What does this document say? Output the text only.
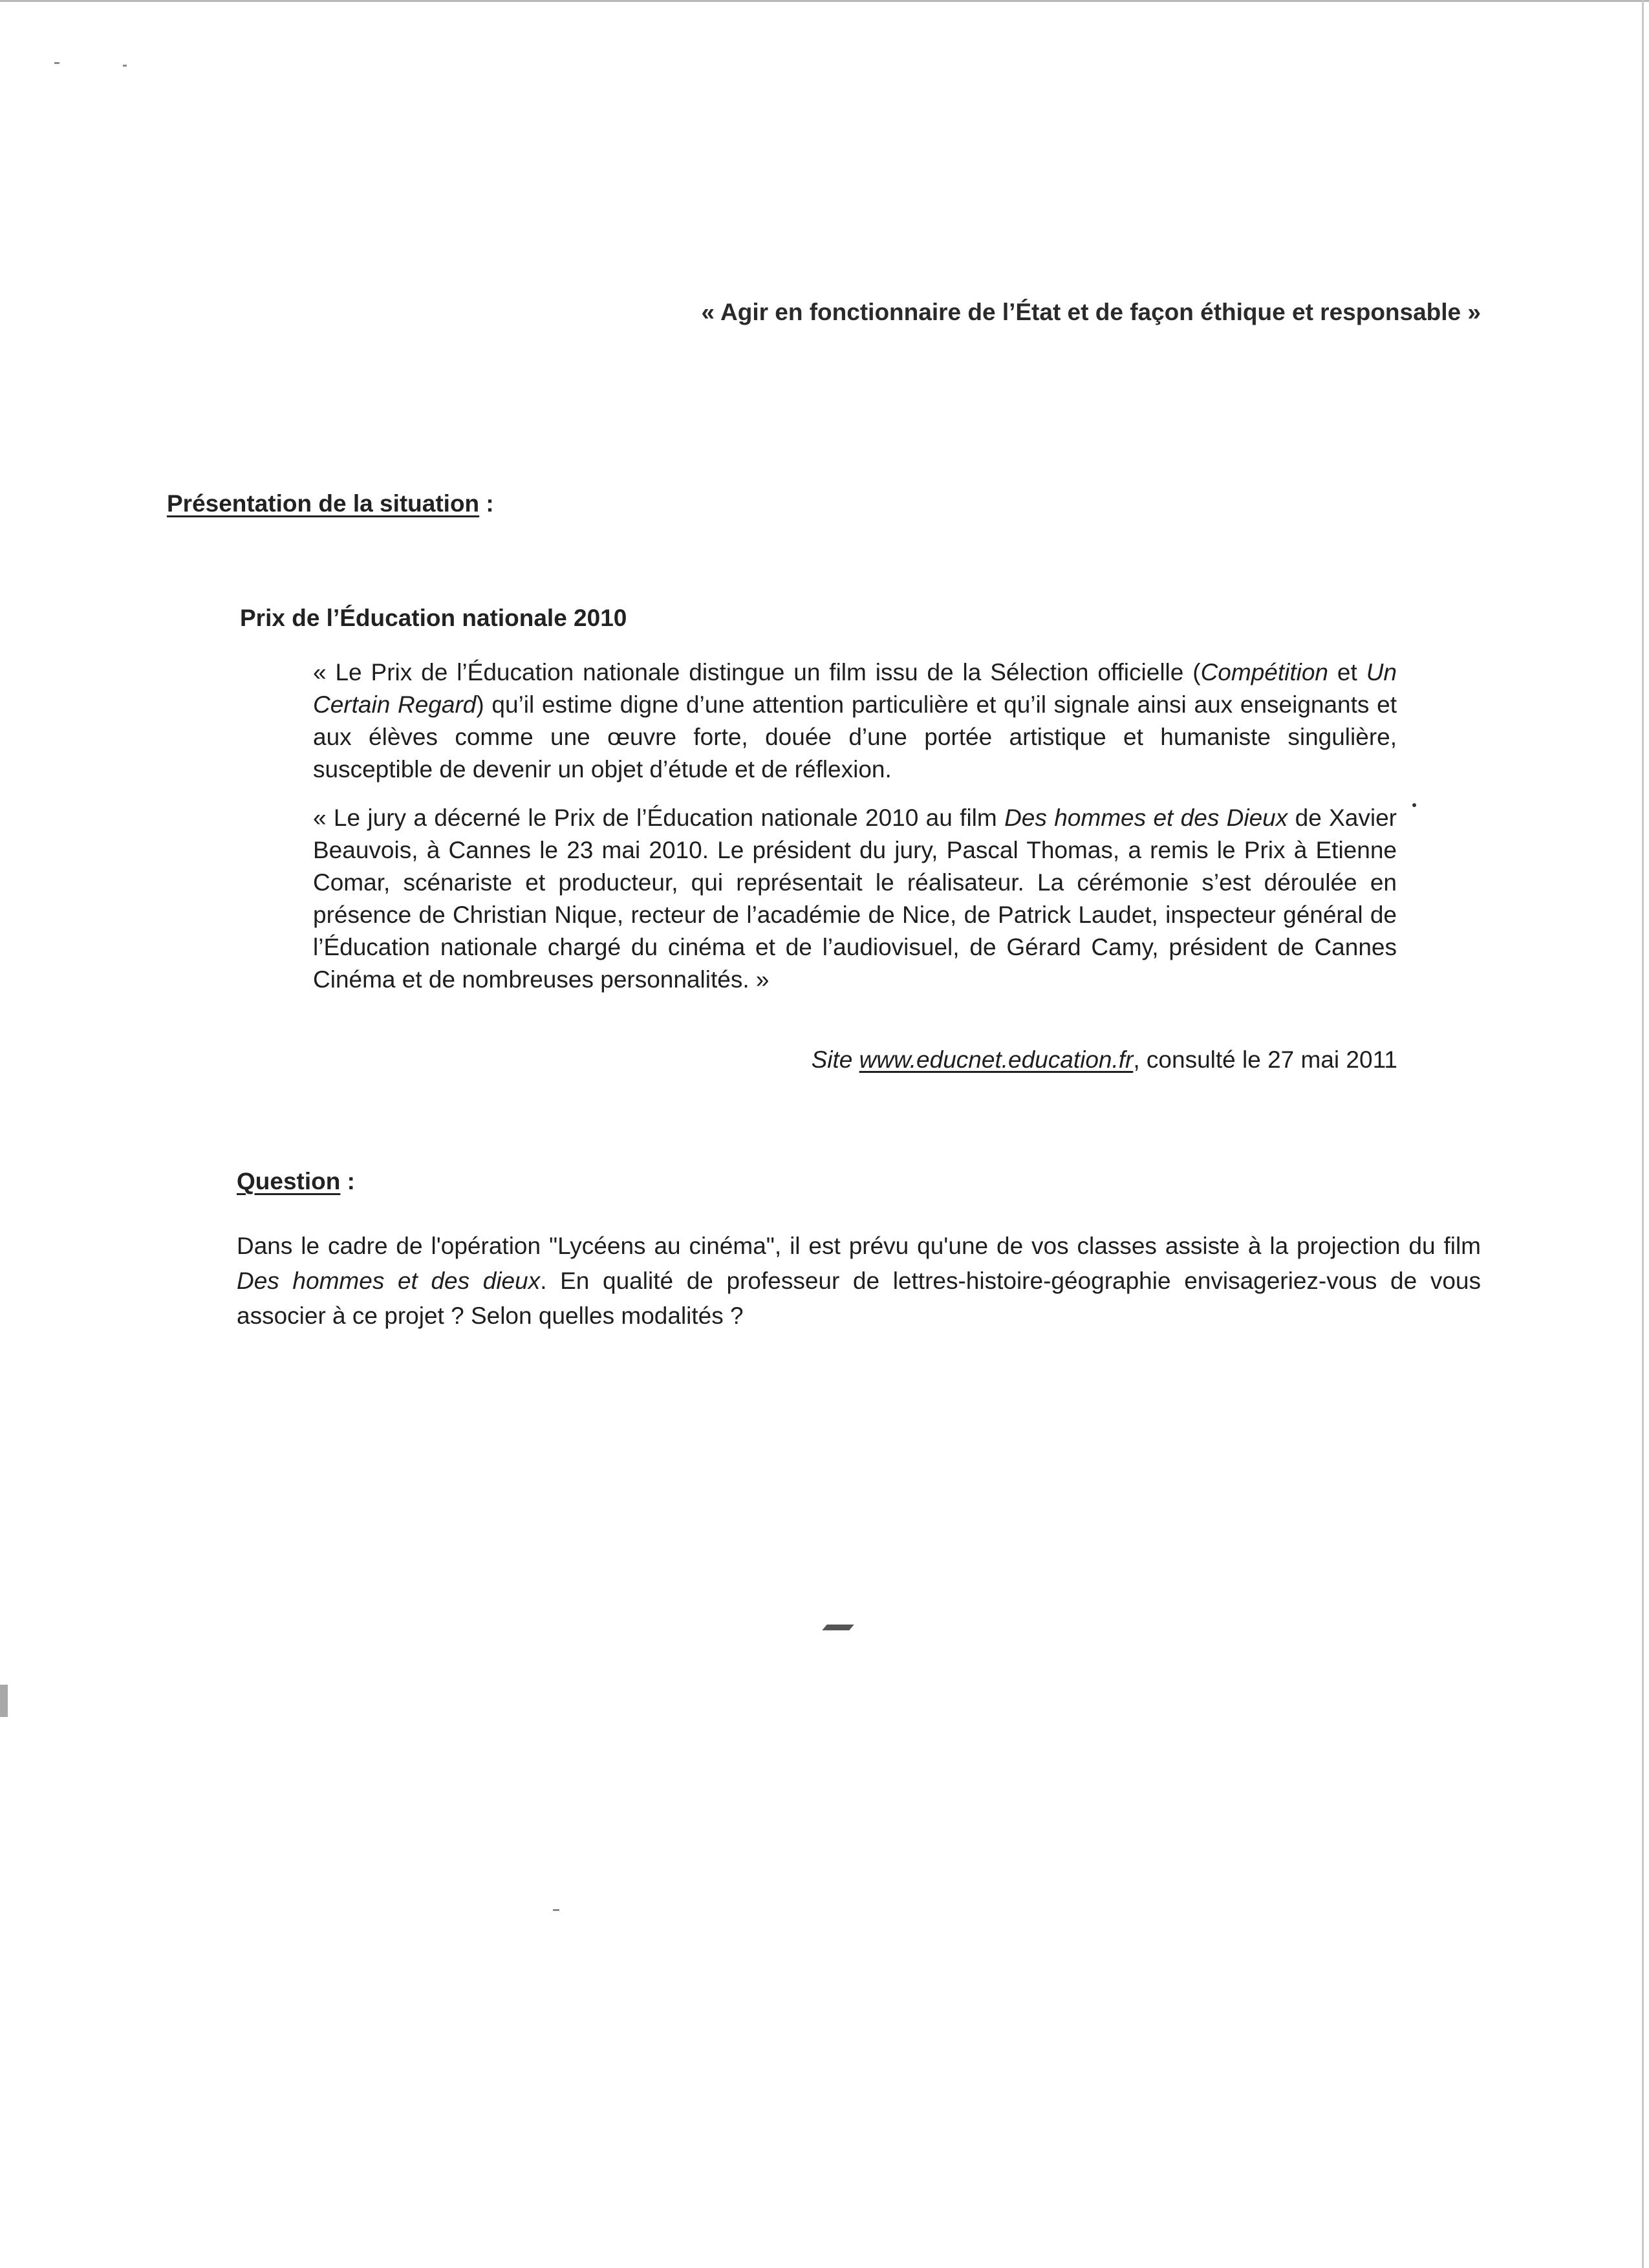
« Agir en fonctionnaire de l’État et de façon éthique et responsable »
Présentation de la situation :
Prix de l’Éducation nationale 2010
« Le Prix de l’Éducation nationale distingue un film issu de la Sélection officielle (Compétition et Un Certain Regard) qu’il estime digne d’une attention particulière et qu’il signale ainsi aux enseignants et aux élèves comme une œuvre forte, douée d’une portée artistique et humaniste singulière, susceptible de devenir un objet d’étude et de réflexion.
« Le jury a décerné le Prix de l’Éducation nationale 2010 au film Des hommes et des Dieux de Xavier Beauvois, à Cannes le 23 mai 2010. Le président du jury, Pascal Thomas, a remis le Prix à Etienne Comar, scénariste et producteur, qui représentait le réalisateur. La cérémonie s’est déroulée en présence de Christian Nique, recteur de l’académie de Nice, de Patrick Laudet, inspecteur général de l’Éducation nationale chargé du cinéma et de l’audiovisuel, de Gérard Camy, président de Cannes Cinéma et de nombreuses personnalités. »
Site www.educnet.education.fr, consulté le 27 mai 2011
Question :
Dans le cadre de l'opération "Lycéens au cinéma", il est prévu qu'une de vos classes assiste à la projection du film Des hommes et des dieux. En qualité de professeur de lettres-histoire-géographie envisageriez-vous de vous associer à ce projet ? Selon quelles modalités ?
